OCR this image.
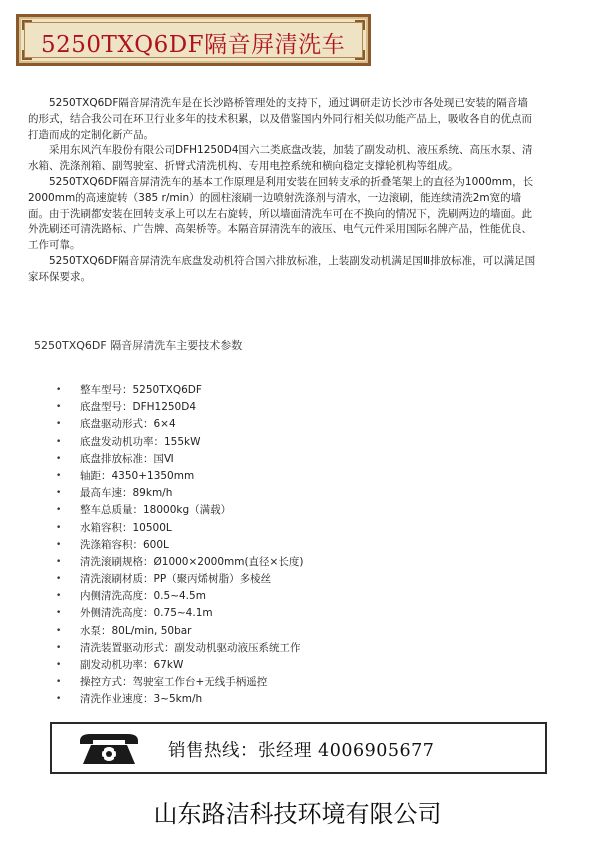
5250TXQ6DF隔音屏清洗车

5250TXQ6DF隔音屏清洗车是在长沙路桥管理处的支持下，通过调研走访长沙市各处现已安装的隔音墙的形式，结合我公司在环卫行业多年的技术积累，以及借鉴国内外同行相关似功能产品上，吸收各自的优点而打造而成的定制化新产品。

采用东风汽车股份有限公司DFH1250D4国六二类底盘改装，加装了副发动机、液压系统、高压水泵、清水箱、洗涤剂箱、副驾驶室、折臂式清洗机构、专用电控系统和横向稳定支撑轮机构等组成。

5250TXQ6DF隔音屏清洗车的基本工作原理是利用安装在回转支承的折叠笔架上的直径为1000mm，长2000mm的高速旋转（385 r/min）的圆柱滚刷一边喷射洗涤剂与清水，一边滚刷，能连续清洗2m宽的墙面。由于洗刷都安装在回转支承上可以左右旋转，所以墙面清洗车可在不换向的情况下，洗刷两边的墙面。此外洗刷还可清洗路标、广告牌、高架桥等。本隔音屏清洗车的液压、电气元件采用国际名牌产品，性能优良、工作可靠。

5250TXQ6DF隔音屏清洗车底盘发动机符合国六排放标准，上装副发动机满足国Ⅲ排放标准，可以满足国家环保要求。

5250TXQ6DF 隔音屏清洗车主要技术参数
• 整车型号：5250TXQ6DF
• 底盘型号：DFH1250D4
• 底盘驱动形式：6×4
• 底盘发动机功率：155kW
• 底盘排放标准：国Ⅵ
• 轴距：4350+1350mm
• 最高车速：89km/h
• 整车总质量：18000kg（满载）
• 水箱容积：10500L
• 洗涤箱容积：600L
• 清洗滚刷规格：Ø1000×2000mm(直径×长度)
• 清洗滚刷材质：PP（聚丙烯树脂）多棱丝
• 内侧清洗高度：0.5~4.5m
• 外侧清洗高度：0.75~4.1m
• 水泵：80L/min, 50bar
• 清洗装置驱动形式：副发动机驱动液压系统工作
• 副发动机功率：67kW
• 操控方式：驾驶室工作台+无线手柄遥控
• 清洗作业速度：3~5km/h
销售热线：张经理 4006905677
山东路洁科技环境有限公司
